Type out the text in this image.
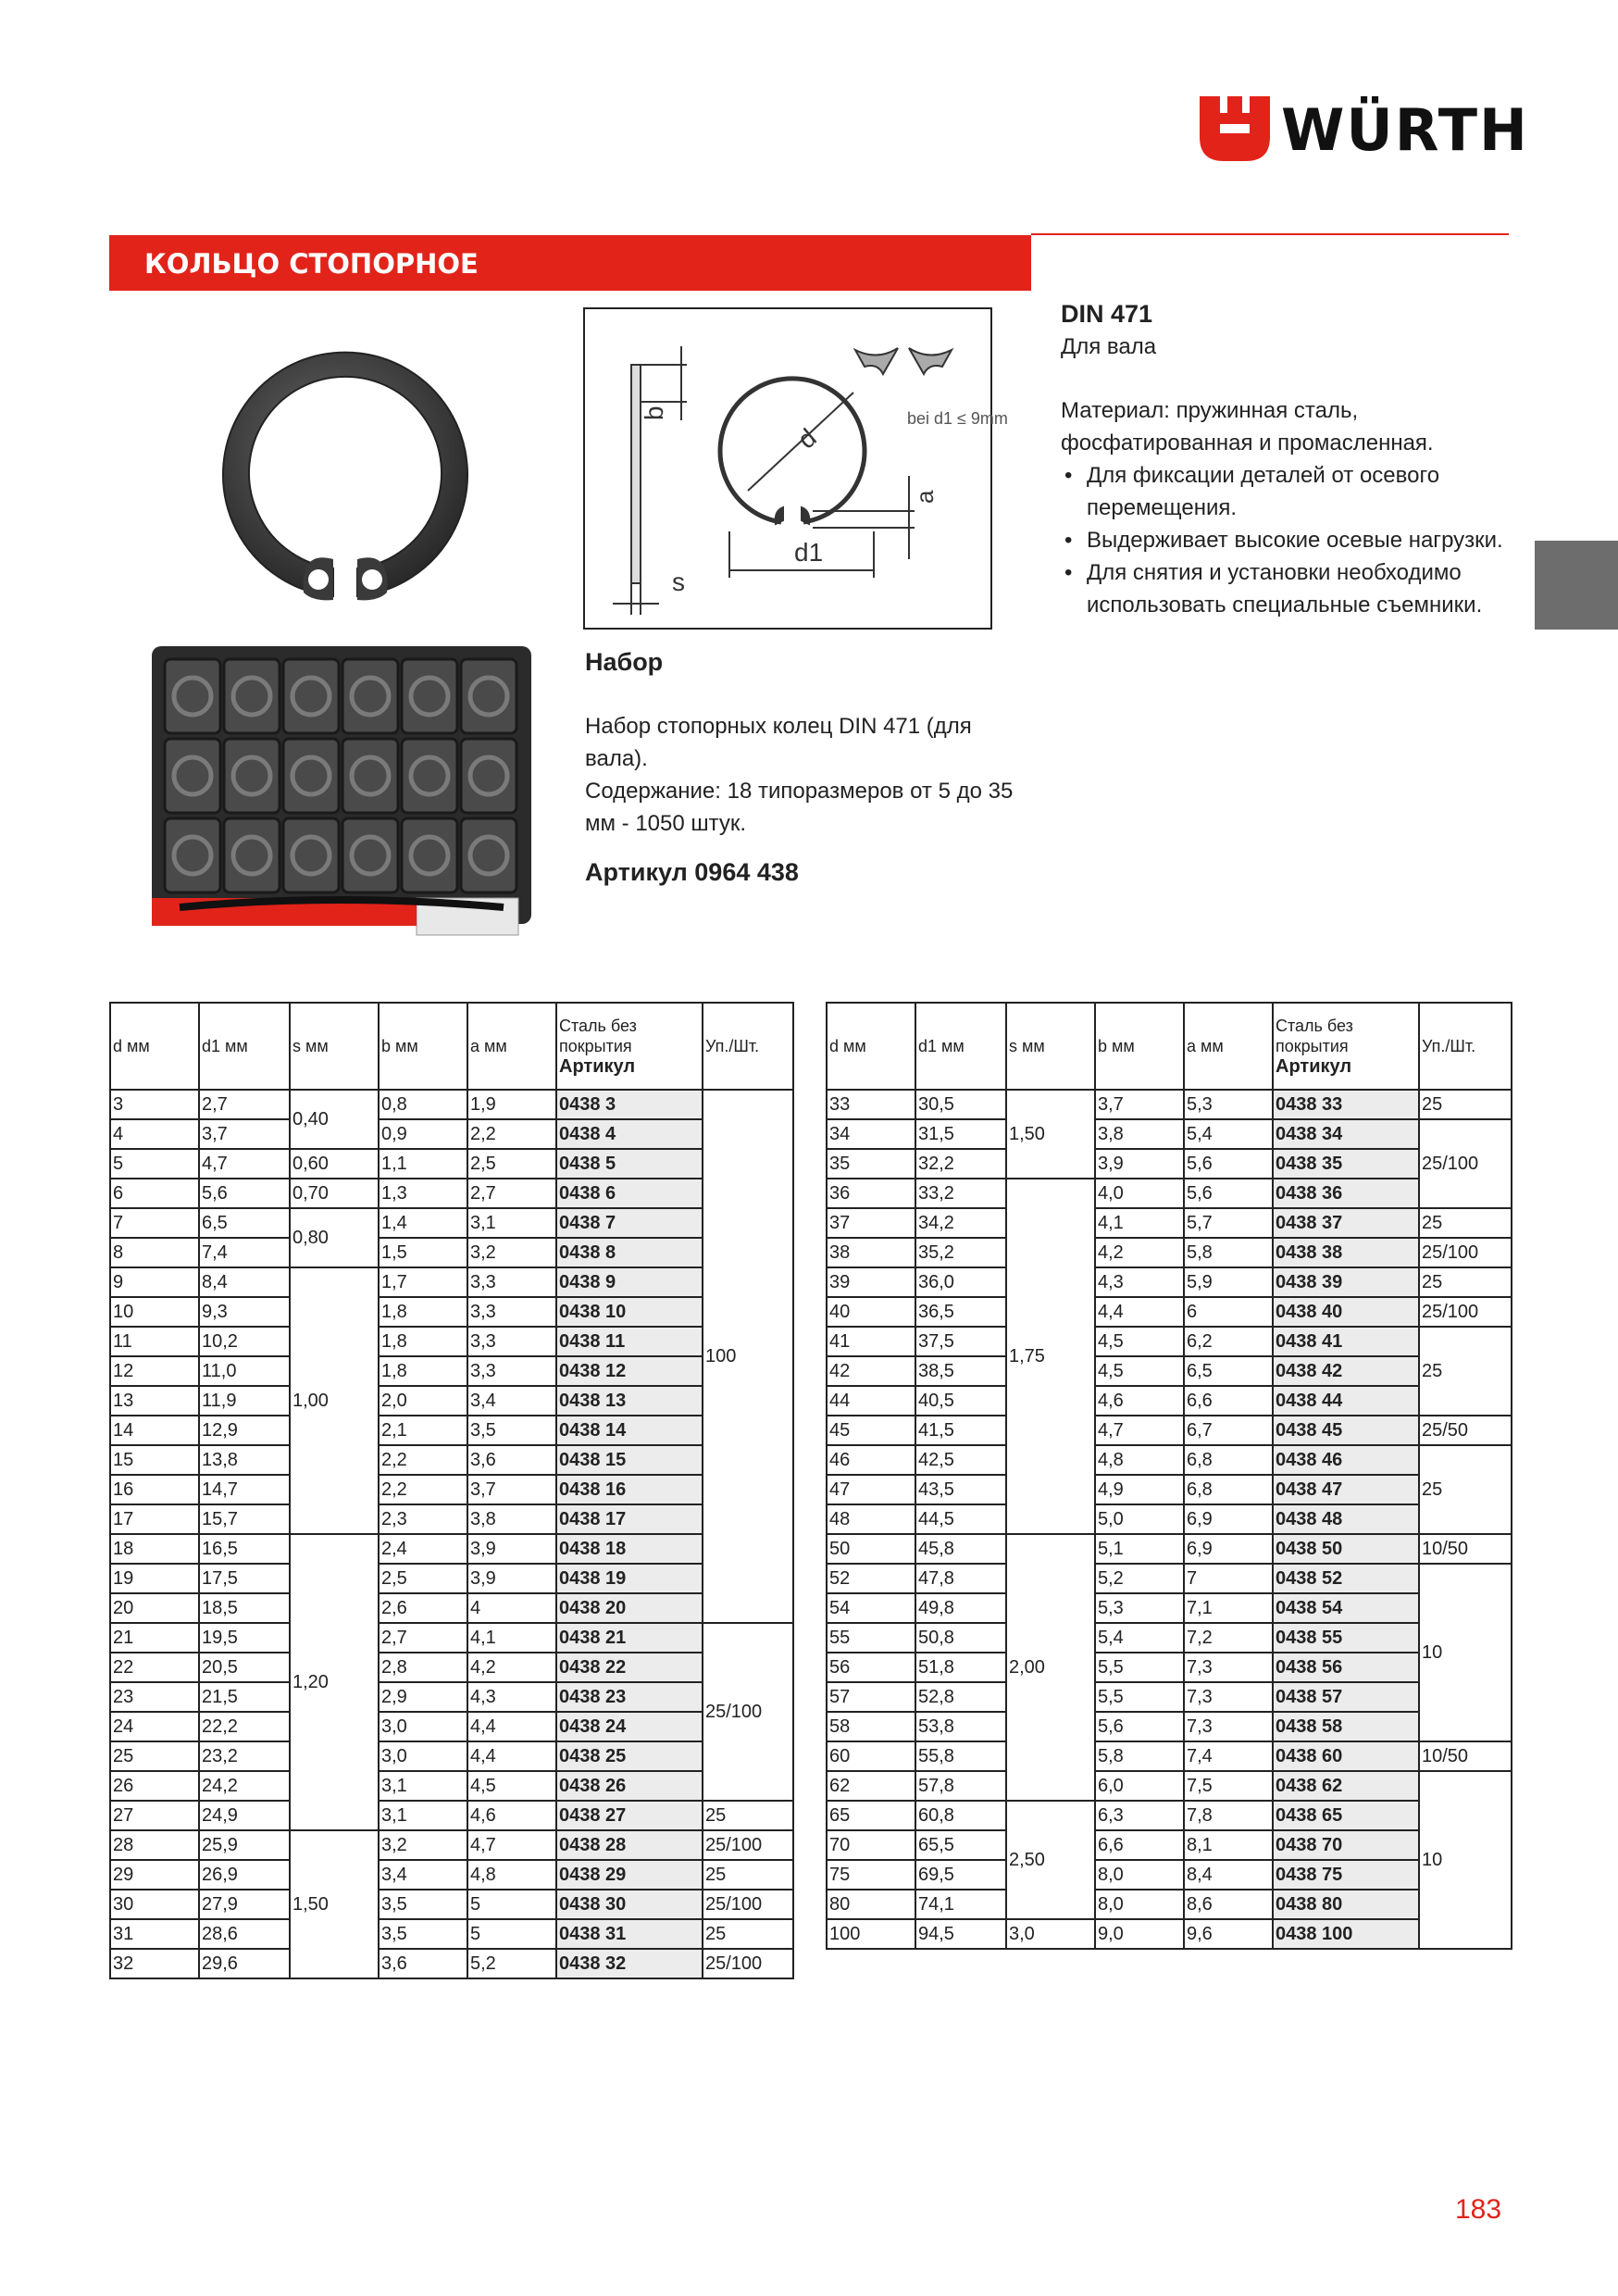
WÜRTH
КОЛЬЦО СТОПОРНОЕ
b
s
d
d1
a
bei d1 ≤ 9mm
DIN 471
Для вала
Материал: пружинная сталь, фосфатированная и промасленная.
• Для фиксации деталей от осевого перемещения.
• Выдерживает высокие осевые нагрузки.
• Для снятия и установки необходимо использовать специальные съемники.
Набор
Набор стопорных колец DIN 471 (для вала).
Содержание: 18 типоразмеров от 5 до 35 мм - 1050 штук.
Артикул 0964 438
d мм	d1 мм	s мм	b мм	a мм	Сталь без покрытия
Артикул	Уп./Шт.
3	2,7	0,40	0,8	1,9	0438 3	100
4	3,7		0,9	2,2	0438 4	
5	4,7	0,60	1,1	2,5	0438 5	
6	5,6	0,70	1,3	2,7	0438 6	
7	6,5	0,80	1,4	3,1	0438 7	
8	7,4		1,5	3,2	0438 8	
9	8,4	1,00	1,7	3,3	0438 9	
10	9,3		1,8	3,3	0438 10	
11	10,2		1,8	3,3	0438 11	
12	11,0		1,8	3,3	0438 12	
13	11,9		2,0	3,4	0438 13	
14	12,9		2,1	3,5	0438 14	
15	13,8		2,2	3,6	0438 15	
16	14,7		2,2	3,7	0438 16	
17	15,7		2,3	3,8	0438 17	
18	16,5	1,20	2,4	3,9	0438 18	
19	17,5		2,5	3,9	0438 19	
20	18,5		2,6	4	0438 20	
21	19,5		2,7	4,1	0438 21	25/100
22	20,5		2,8	4,2	0438 22	
23	21,5		2,9	4,3	0438 23	
24	22,2		3,0	4,4	0438 24	
25	23,2		3,0	4,4	0438 25	
26	24,2		3,1	4,5	0438 26	
27	24,9		3,1	4,6	0438 27	25
28	25,9	1,50	3,2	4,7	0438 28	25/100
29	26,9		3,4	4,8	0438 29	25
30	27,9		3,5	5	0438 30	25/100
31	28,6		3,5	5	0438 31	25
32	29,6		3,6	5,2	0438 32	25/100
d мм	d1 мм	s мм	b мм	a мм	Сталь без покрытия
Артикул	Уп./Шт.
33	30,5	1,50	3,7	5,3	0438 33	25
34	31,5		3,8	5,4	0438 34	25/100
35	32,2		3,9	5,6	0438 35	
36	33,2	1,75	4,0	5,6	0438 36	
37	34,2		4,1	5,7	0438 37	25
38	35,2		4,2	5,8	0438 38	25/100
39	36,0		4,3	5,9	0438 39	25
40	36,5		4,4	6	0438 40	25/100
41	37,5		4,5	6,2	0438 41	25
42	38,5		4,5	6,5	0438 42	
44	40,5		4,6	6,6	0438 44	
45	41,5		4,7	6,7	0438 45	25/50
46	42,5		4,8	6,8	0438 46	25
47	43,5		4,9	6,8	0438 47	
48	44,5		5,0	6,9	0438 48	
50	45,8	2,00	5,1	6,9	0438 50	10/50
52	47,8		5,2	7	0438 52	10
54	49,8		5,3	7,1	0438 54	
55	50,8		5,4	7,2	0438 55	
56	51,8		5,5	7,3	0438 56	
57	52,8		5,5	7,3	0438 57	
58	53,8		5,6	7,3	0438 58	
60	55,8		5,8	7,4	0438 60	10/50
62	57,8		6,0	7,5	0438 62	10
65	60,8	2,50	6,3	7,8	0438 65	
70	65,5		6,6	8,1	0438 70	
75	69,5		8,0	8,4	0438 75	
80	74,1		8,0	8,6	0438 80	
100	94,5	3,0	9,0	9,6	0438 100	
183
